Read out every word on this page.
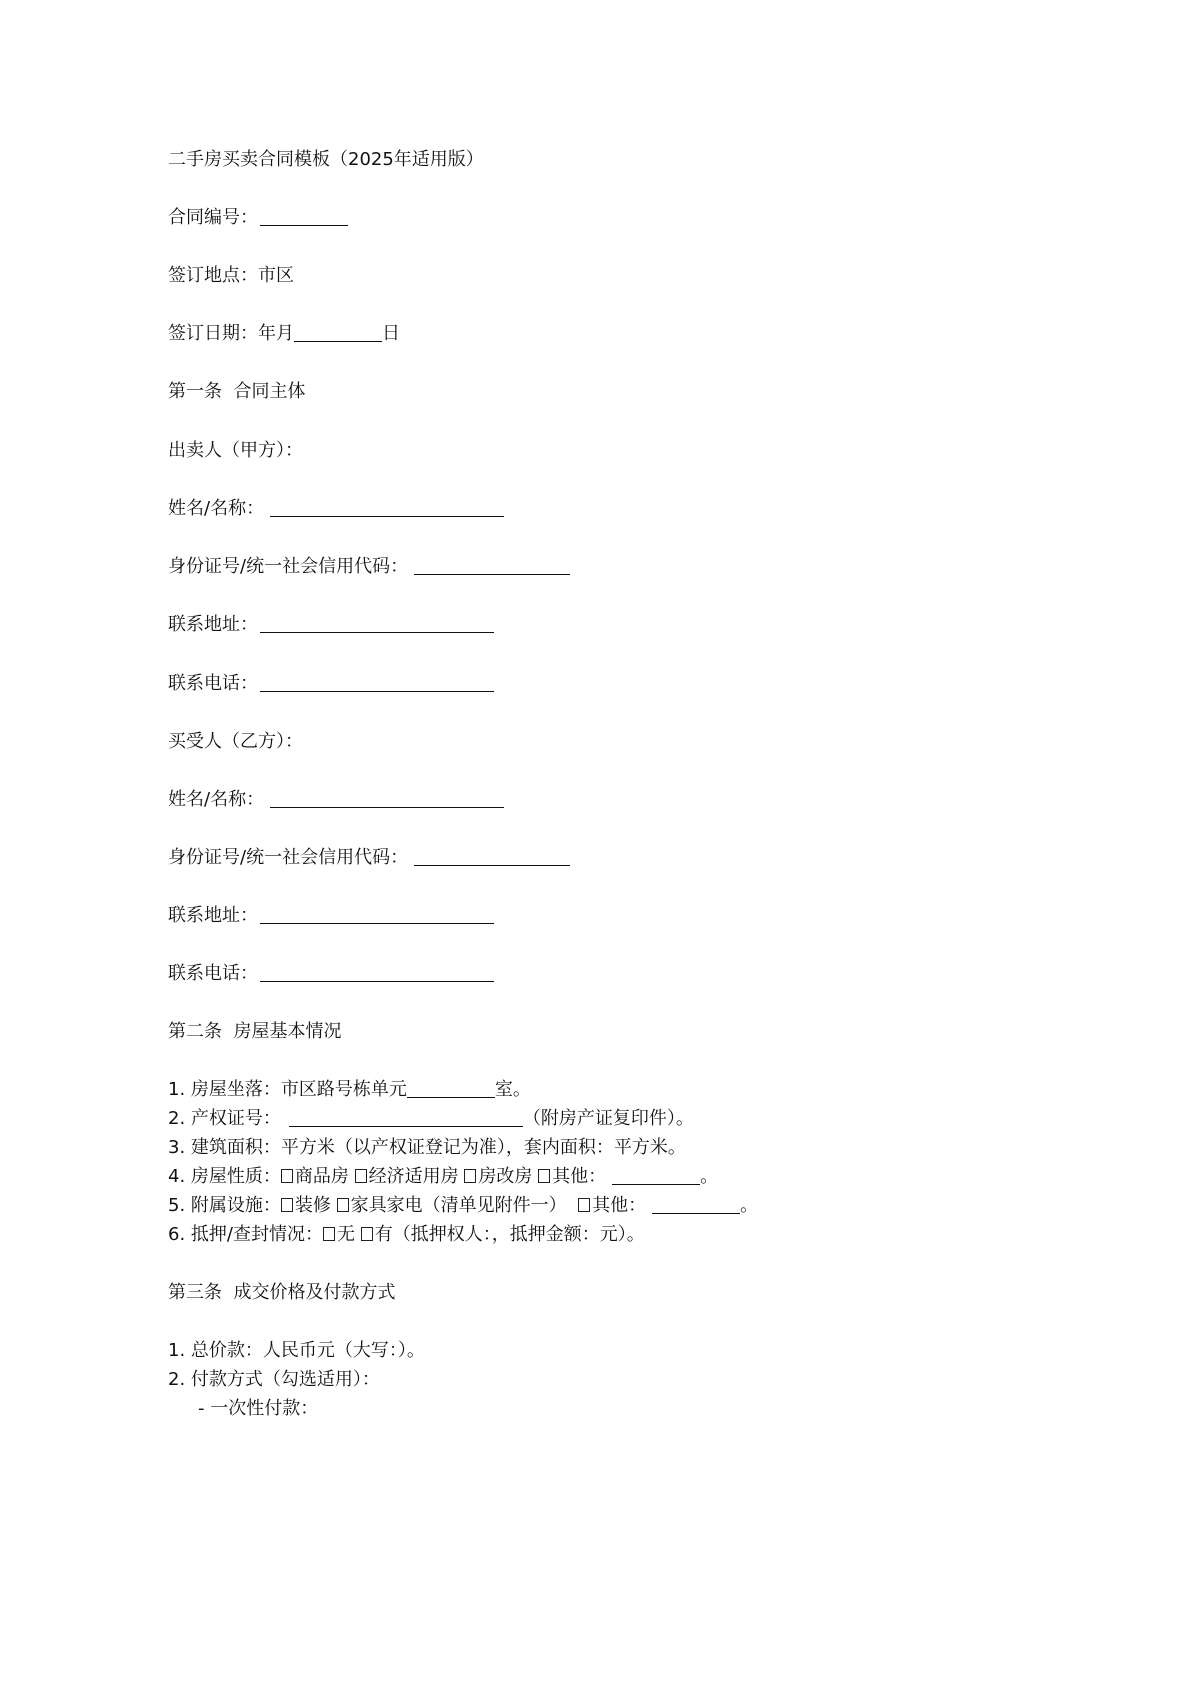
二手房买卖合同模板（2025年适用版）
合同编号：
签订地点：市区
签订日期：年月	日
第一条  合同主体
出卖人（甲方）：
姓名/名称：
身份证号/统一社会信用代码：
联系地址：
联系电话：
买受人（乙方）：
姓名/名称：
身份证号/统一社会信用代码：
联系地址：
联系电话：
第二条  房屋基本情况
1. 房屋坐落：市区路号栋单元	室。
2. 产权证号：	（附房产证复印件）。
3. 建筑面积：平方米（以产权证登记为准），套内面积：平方米。
4. 房屋性质： 商品房 经济适用房 房改房 其他：	。
5. 附属设施： 装修 家具家电（清单见附件一） 其他：	。
6. 抵押/查封情况： 无 有（抵押权人：，抵押金额：元）。
第三条  成交价格及付款方式
1. 总价款：人民币元（大写：）。
2. 付款方式（勾选适用）：
- 一次性付款：
